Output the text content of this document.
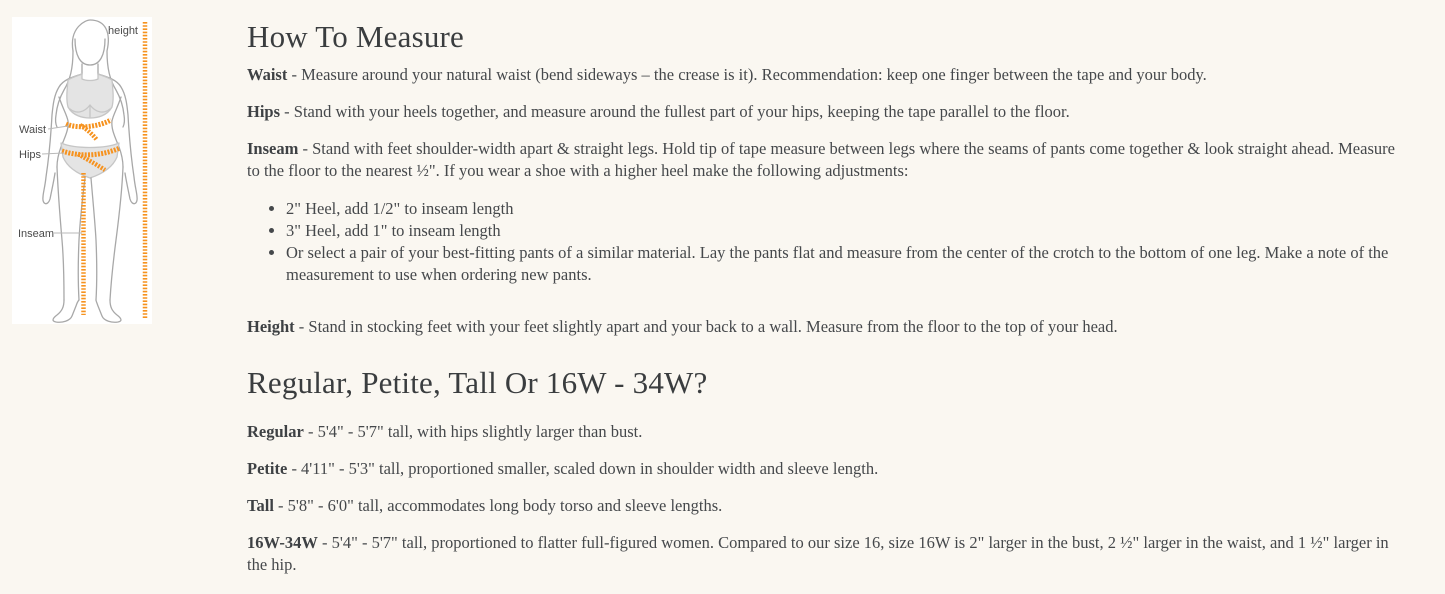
height
Waist
Hips
Inseam
How To Measure

Waist - Measure around your natural waist (bend sideways – the crease is it). Recommendation: keep one finger between the tape and your body.

Hips - Stand with your heels together, and measure around the fullest part of your hips, keeping the tape parallel to the floor.

Inseam - Stand with feet shoulder-width apart & straight legs. Hold tip of tape measure between legs where the seams of pants come together & look straight ahead. Measure to the floor to the nearest ½". If you wear a shoe with a higher heel make the following adjustments:

• 2" Heel, add 1/2" to inseam length
• 3" Heel, add 1" to inseam length
• Or select a pair of your best-fitting pants of a similar material. Lay the pants flat and measure from the center of the crotch to the bottom of one leg. Make a note of the measurement to use when ordering new pants.

Height - Stand in stocking feet with your feet slightly apart and your back to a wall. Measure from the floor to the top of your head.

Regular, Petite, Tall Or 16W - 34W?

Regular - 5'4" - 5'7" tall, with hips slightly larger than bust.

Petite - 4'11" - 5'3" tall, proportioned smaller, scaled down in shoulder width and sleeve length.

Tall - 5'8" - 6'0" tall, accommodates long body torso and sleeve lengths.

16W-34W - 5'4" - 5'7" tall, proportioned to flatter full-figured women. Compared to our size 16, size 16W is 2" larger in the bust, 2 ½" larger in the waist, and 1 ½" larger in the hip.
